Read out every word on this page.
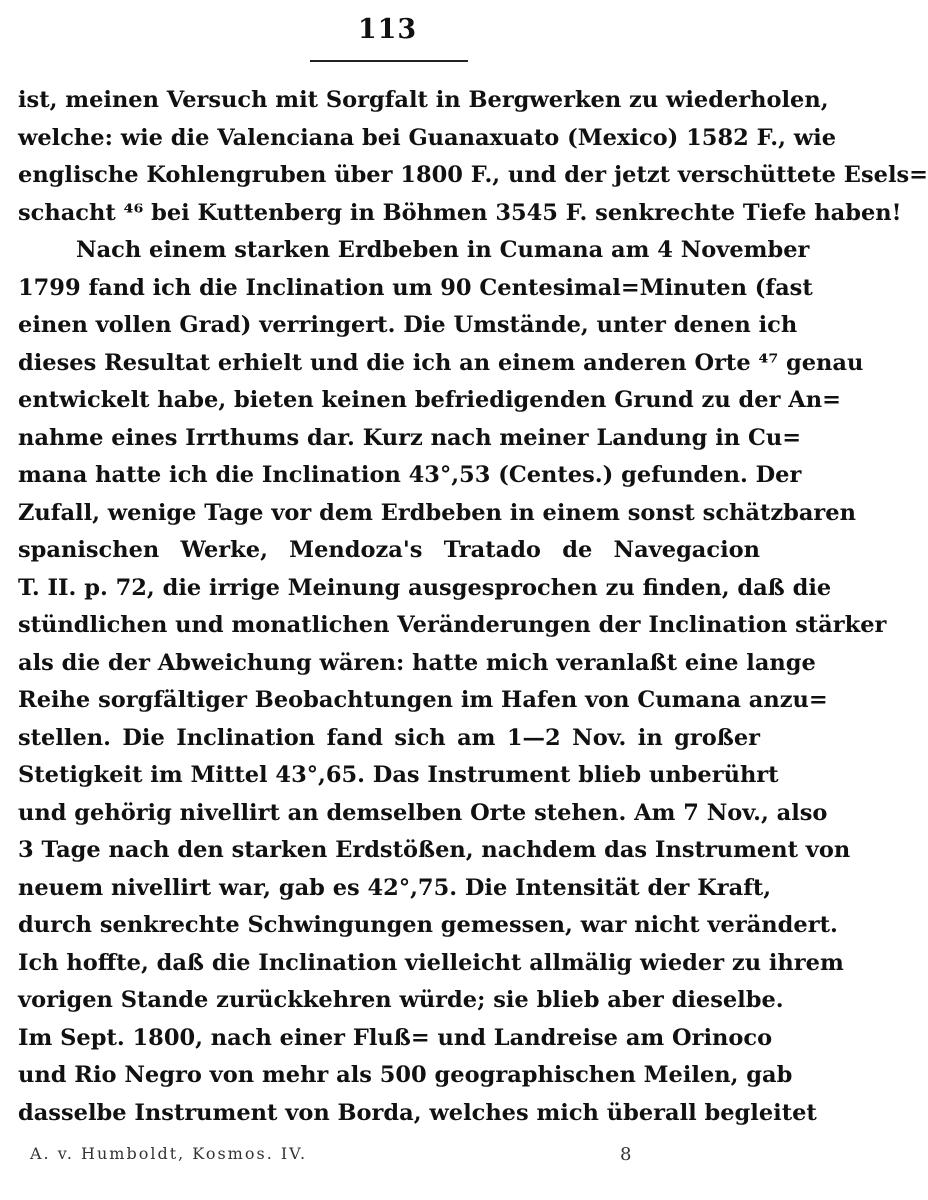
113
ist, meinen Versuch mit Sorgfalt in Bergwerken zu wiederholen,
welche: wie die Valenciana bei Guanaxuato (Mexico) 1582 F., wie
englische Kohlengruben über 1800 F., und der jetzt verschüttete Esels=
schacht ⁴⁶ bei Kuttenberg in Böhmen 3545 F. senkrechte Tiefe haben!
Nach einem starken Erdbeben in Cumana am 4 November
1799 fand ich die Inclination um 90 Centesimal=Minuten (fast
einen vollen Grad) verringert. Die Umstände, unter denen ich
dieses Resultat erhielt und die ich an einem anderen Orte ⁴⁷ genau
entwickelt habe, bieten keinen befriedigenden Grund zu der An=
nahme eines Irrthums dar. Kurz nach meiner Landung in Cu=
mana hatte ich die Inclination 43°,53 (Centes.) gefunden. Der
Zufall, wenige Tage vor dem Erdbeben in einem sonst schätzbaren
spanischen Werke, Mendoza's Tratado de Navegacion
T. II. p. 72, die irrige Meinung ausgesprochen zu finden, daß die
stündlichen und monatlichen Veränderungen der Inclination stärker
als die der Abweichung wären: hatte mich veranlaßt eine lange
Reihe sorgfältiger Beobachtungen im Hafen von Cumana anzu=
stellen. Die Inclination fand sich am 1—2 Nov. in großer
Stetigkeit im Mittel 43°,65. Das Instrument blieb unberührt
und gehörig nivellirt an demselben Orte stehen. Am 7 Nov., also
3 Tage nach den starken Erdstößen, nachdem das Instrument von
neuem nivellirt war, gab es 42°,75. Die Intensität der Kraft,
durch senkrechte Schwingungen gemessen, war nicht verändert.
Ich hoffte, daß die Inclination vielleicht allmälig wieder zu ihrem
vorigen Stande zurückkehren würde; sie blieb aber dieselbe.
Im Sept. 1800, nach einer Fluß= und Landreise am Orinoco
und Rio Negro von mehr als 500 geographischen Meilen, gab
dasselbe Instrument von Borda, welches mich überall begleitet
A. v. Humboldt, Kosmos. IV.	8
